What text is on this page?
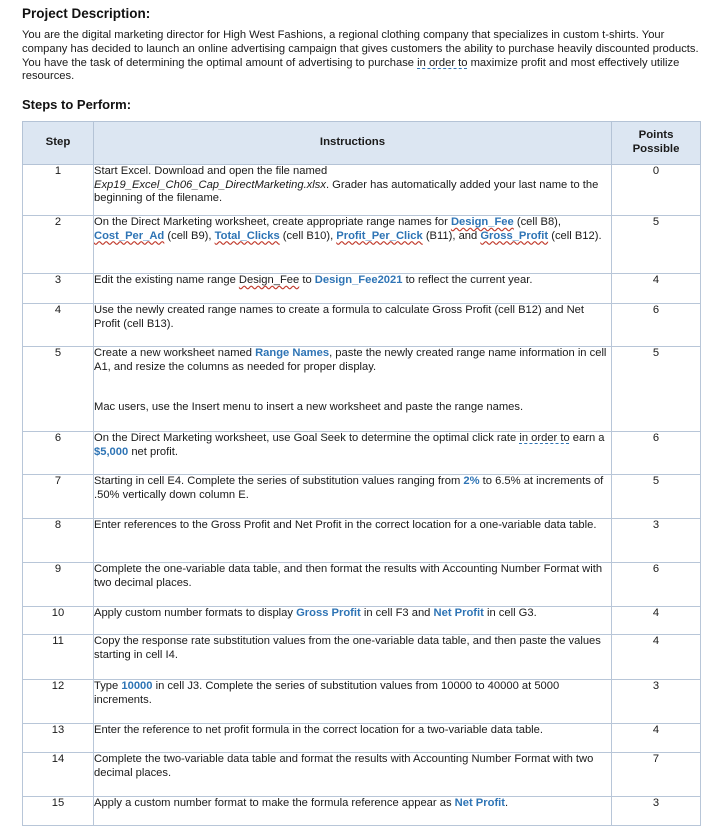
Project Description:

You are the digital marketing director for High West Fashions, a regional clothing company that specializes in custom t-shirts. Your company has decided to launch an online advertising campaign that gives customers the ability to purchase heavily discounted products. You have the task of determining the optimal amount of advertising to purchase in order to maximize profit and most effectively utilize resources.

Steps to Perform:
Step	Instructions	Points Possible
1	Start Excel. Download and open the file named
Exp19_Excel_Ch06_Cap_DirectMarketing.xlsx. Grader has automatically added your last name to the beginning of the filename.	0
2	On the Direct Marketing worksheet, create appropriate range names for Design_Fee (cell B8), Cost_Per_Ad (cell B9), Total_Clicks (cell B10), Profit_Per_Click (B11), and Gross_Profit (cell B12).	5
3	Edit the existing name range Design_Fee to Design_Fee2021 to reflect the current year.	4
4	Use the newly created range names to create a formula to calculate Gross Profit (cell B12) and Net Profit (cell B13).	6
5	Create a new worksheet named Range Names, paste the newly created range name information in cell A1, and resize the columns as needed for proper display.
Mac users, use the Insert menu to insert a new worksheet and paste the range names.	5
6	On the Direct Marketing worksheet, use Goal Seek to determine the optimal click rate in order to earn a $5,000 net profit.	6
7	Starting in cell E4. Complete the series of substitution values ranging from 2% to 6.5% at increments of .50% vertically down column E.	5
8	Enter references to the Gross Profit and Net Profit in the correct location for a one-variable data table.	3
9	Complete the one-variable data table, and then format the results with Accounting Number Format with two decimal places.	6
10	Apply custom number formats to display Gross Profit in cell F3 and Net Profit in cell G3.	4
11	Copy the response rate substitution values from the one-variable data table, and then paste the values starting in cell I4.	4
12	Type 10000 in cell J3. Complete the series of substitution values from 10000 to 40000 at 5000 increments.	3
13	Enter the reference to net profit formula in the correct location for a two-variable data table.	4
14	Complete the two-variable data table and format the results with Accounting Number Format with two decimal places.	7
15	Apply a custom number format to make the formula reference appear as Net Profit.	3
